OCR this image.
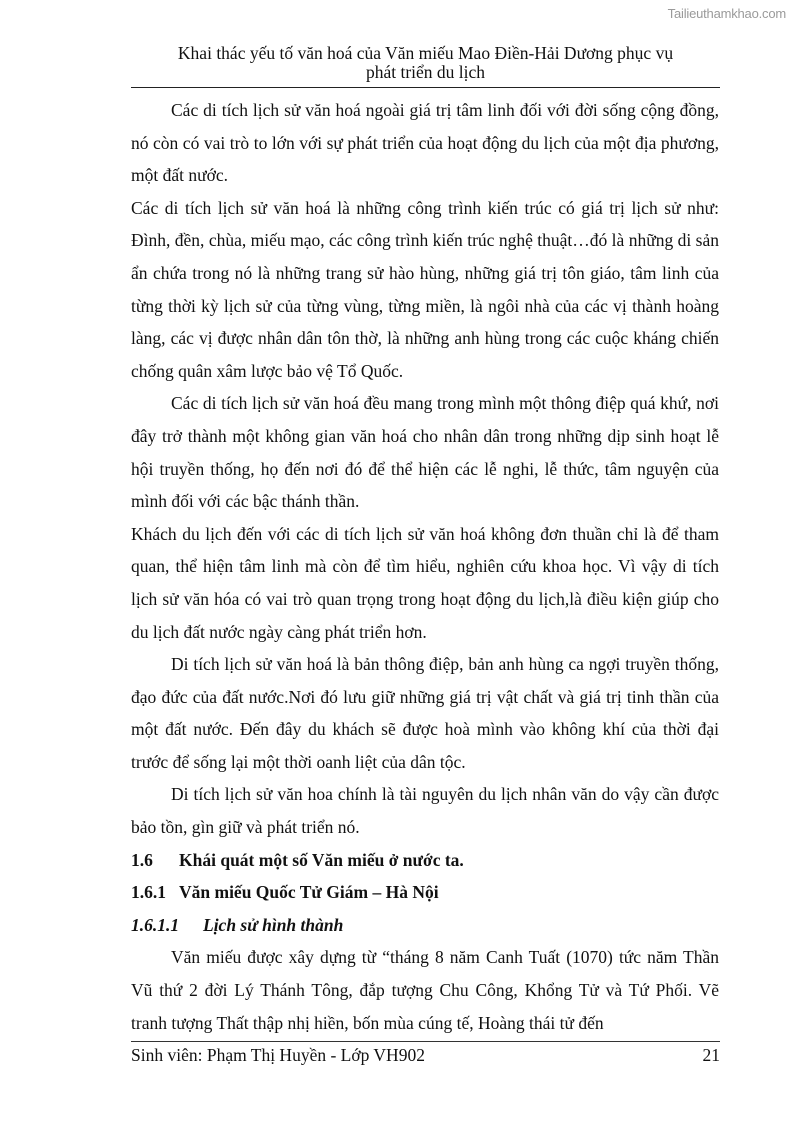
Tailieuthamkhao.com
Khai thác yếu tố văn hoá của Văn miếu Mao Điền-Hải Dương phục vụ
phát triển du lịch

Các di tích lịch sử văn hoá ngoài giá trị tâm linh đối với đời sống cộng đồng, nó còn có vai trò to lớn với sự phát triển của hoạt động du lịch của một địa phương, một đất nước.

Các di tích lịch sử văn hoá là những công trình kiến trúc có giá trị lịch sử như: Đình, đền, chùa, miếu mạo, các công trình kiến trúc nghệ thuật…đó là những di sản ẩn chứa trong nó là những trang sử hào hùng, những giá trị tôn giáo, tâm linh của từng thời kỳ lịch sử của từng vùng, từng miền, là ngôi nhà của các vị thành hoàng làng, các vị được nhân dân tôn thờ, là những anh hùng trong các cuộc kháng chiến chống quân xâm lược bảo vệ Tổ Quốc.

Các di tích lịch sử văn hoá đều mang trong mình một thông điệp quá khứ, nơi đây trở thành một không gian văn hoá cho nhân dân trong những dịp sinh hoạt lễ hội truyền thống, họ đến nơi đó để thể hiện các lễ nghi, lễ thức, tâm nguyện của mình đối với các bậc thánh thần.

Khách du lịch đến với các di tích lịch sử văn hoá không đơn thuần chỉ là để tham quan, thể hiện tâm linh mà còn để tìm hiểu, nghiên cứu khoa học. Vì vậy di tích lịch sử văn hóa có vai trò quan trọng trong hoạt động du lịch,là điều kiện giúp cho du lịch đất nước ngày càng phát triển hơn.

Di tích lịch sử văn hoá là bản thông điệp, bản anh hùng ca ngợi truyền thống, đạo đức của đất nước.Nơi đó lưu giữ những giá trị vật chất và giá trị tinh thần của một đất nước. Đến đây du khách sẽ được hoà mình vào không khí của thời đại trước để sống lại một thời oanh liệt của dân tộc.

Di tích lịch sử văn hoa chính là tài nguyên du lịch nhân văn do vậy cần được bảo tồn, gìn giữ và phát triển nó.

1.6 Khái quát một số Văn miếu ở nước ta.
1.6.1 Văn miếu Quốc Tử Giám – Hà Nội
1.6.1.1 Lịch sử hình thành

Văn miếu được xây dựng từ “tháng 8 năm Canh Tuất (1070) tức năm Thần Vũ thứ 2 đời Lý Thánh Tông, đắp tượng Chu Công, Khổng Tử và Tứ Phối. Vẽ tranh tượng Thất thập nhị hiền, bốn mùa cúng tế, Hoàng thái tử đến

Sinh viên: Phạm Thị Huyền - Lớp VH902	21
